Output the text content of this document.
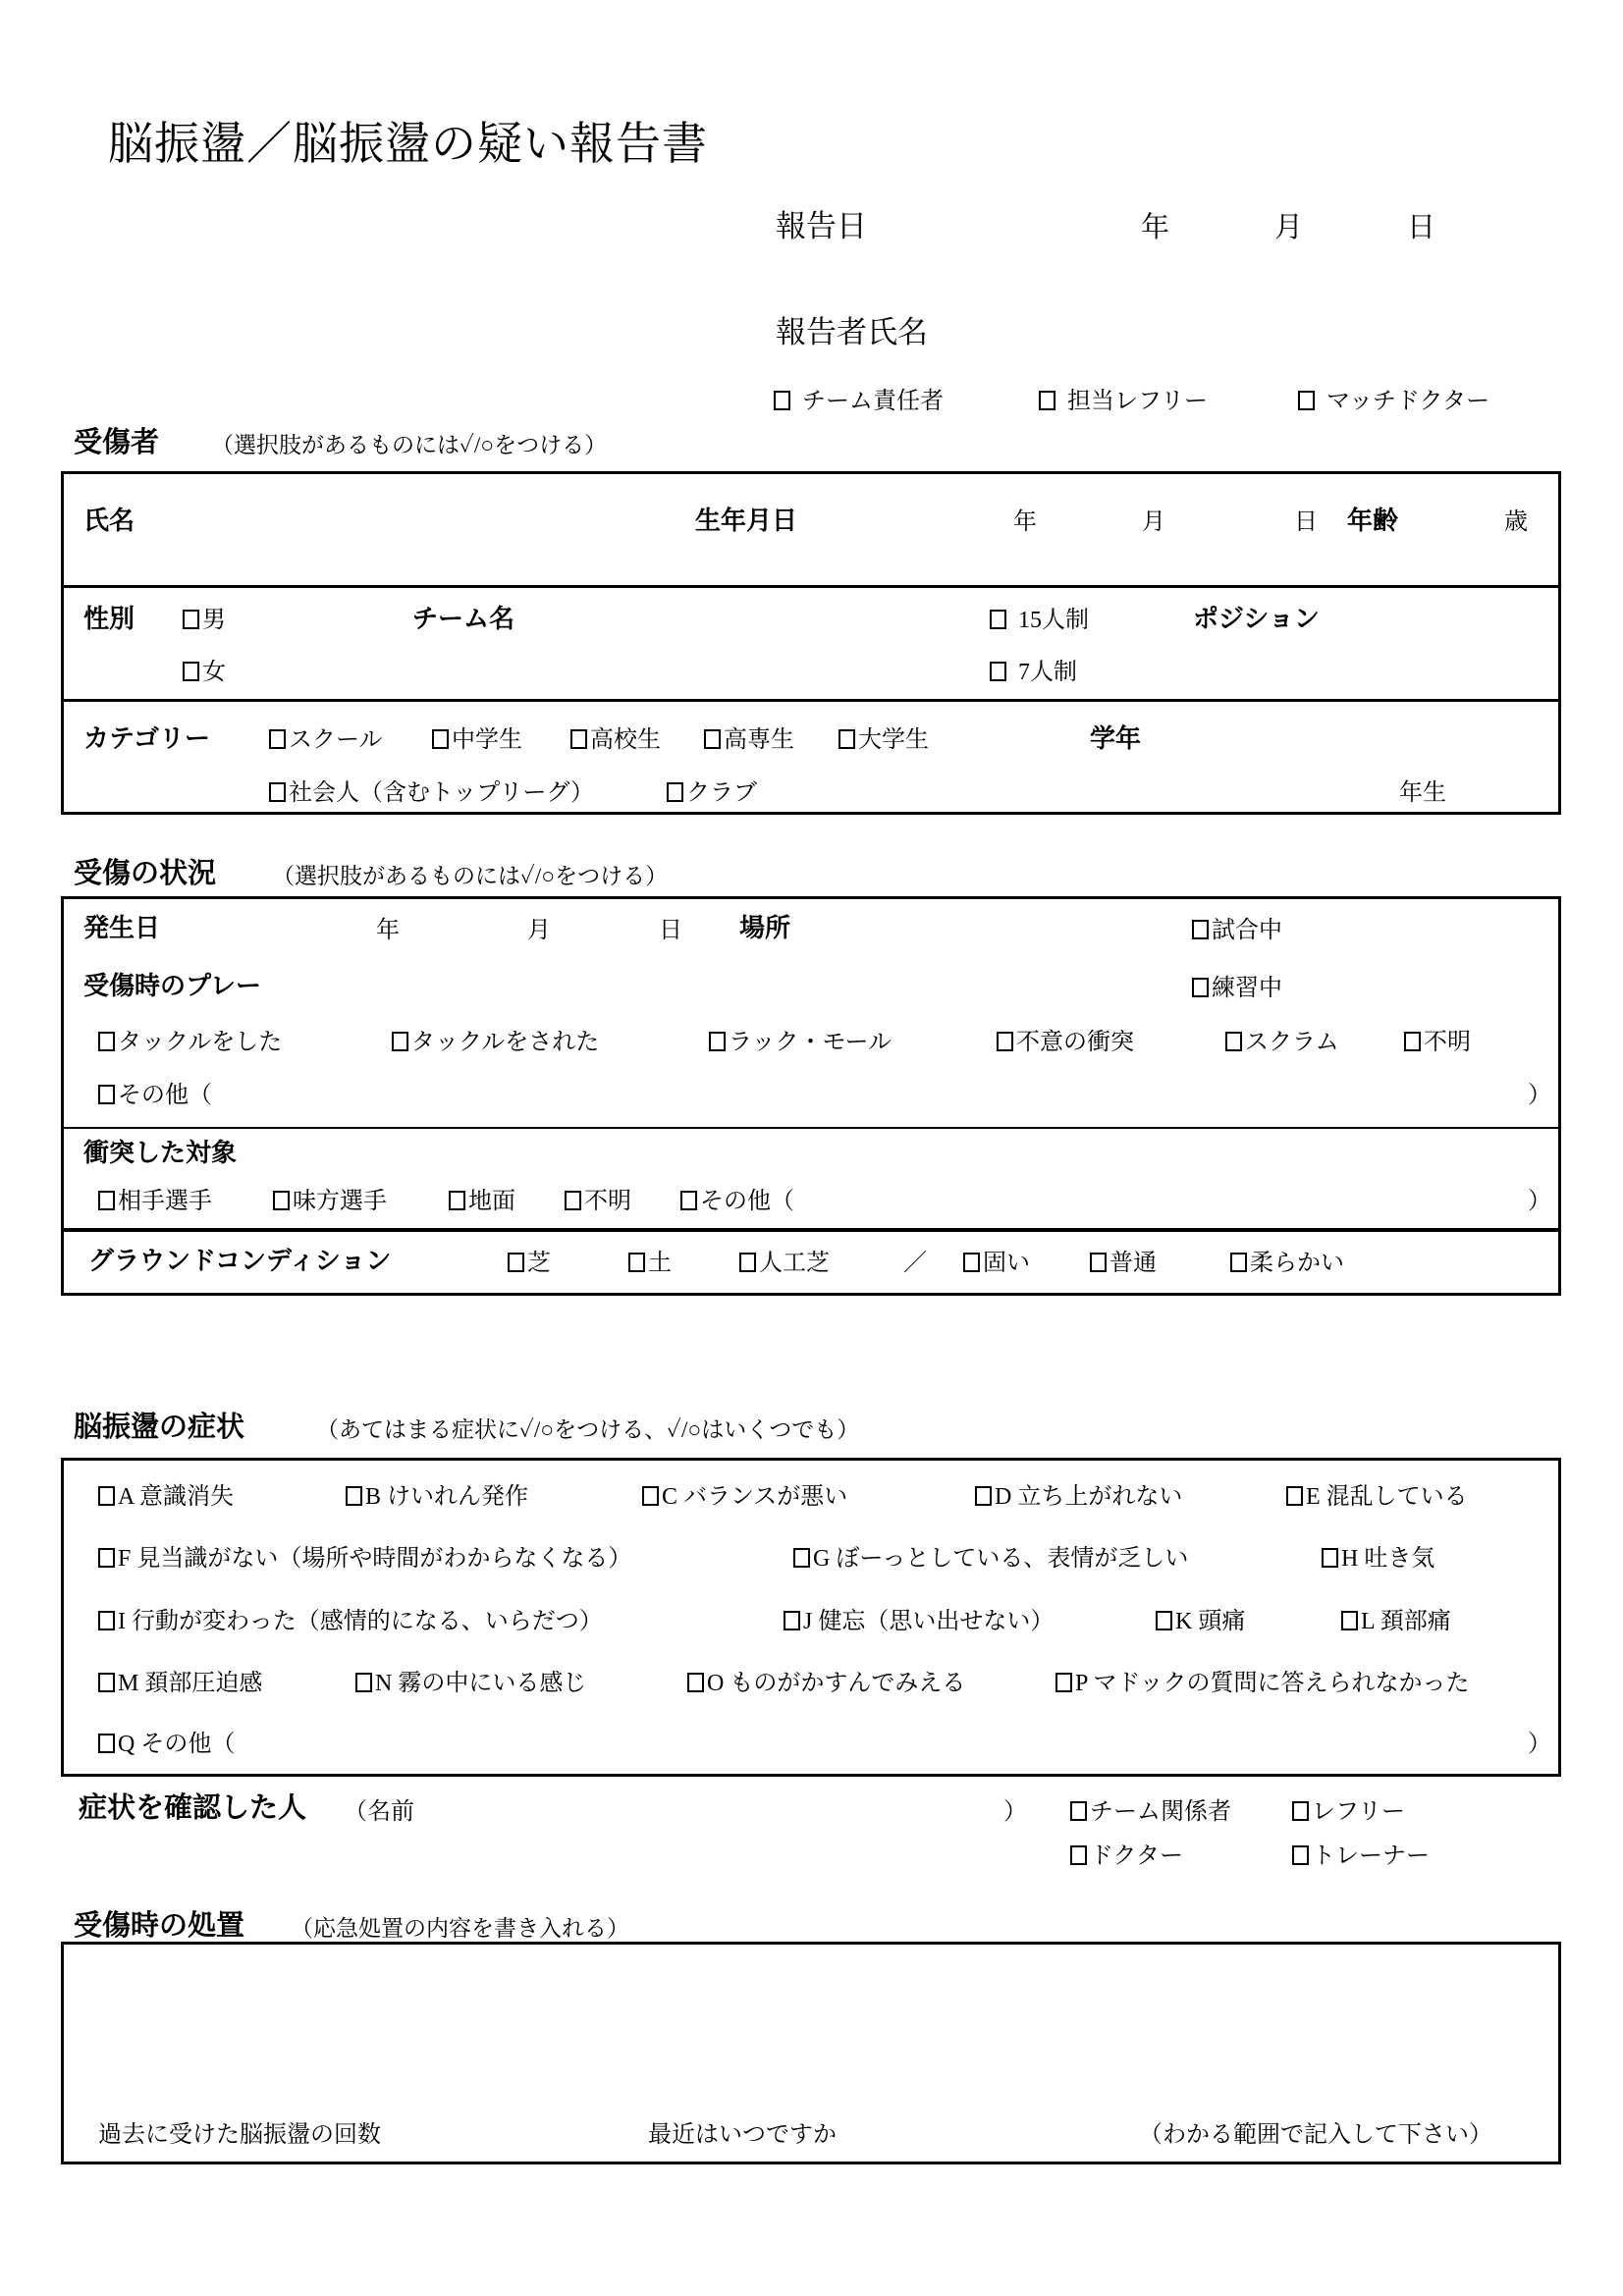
脳振盪／脳振盪の疑い報告書
報告日	年	月	日
報告者氏名
チーム責任者	担当レフリー	マッチドクター
受傷者 （選択肢があるものには✓/○をつける）
氏名	生年月日	年	月	日 年齢	歳
性別	男	チーム名	15人制	ポジション
女	7人制
カテゴリー	スクール	中学生	高校生	高専生	大学生	学年
社会人（含むトップリーグ）	クラブ	年生
受傷の状況 （選択肢があるものには✓/○をつける）
発生日	年	月	日 場所	試合中
受傷時のプレー	練習中
タックルをした	タックルをされた	ラック・モール	不意の衝突	スクラム	不明
その他（	）
衝突した対象
相手選手	味方選手	地面	不明	その他（	）
グラウンドコンディション	芝	土	人工芝	／	固い	普通	柔らかい
脳振盪の症状	（あてはまる症状に✓/○をつける、✓/○はいくつでも）
A 意識消失	B けいれん発作	C バランスが悪い	D 立ち上がれない	E 混乱している
F 見当識がない（場所や時間がわからなくなる）	G ぼーっとしている、表情が乏しい	H 吐き気
I 行動が変わった（感情的になる、いらだつ）	J 健忘（思い出せない）	K 頭痛	L 頚部痛
M 頚部圧迫感	N 霧の中にいる感じ	O ものがかすんでみえる	P マドックの質問に答えられなかった
Q その他（	）
症状を確認した人 （名前	）	チーム関係者	レフリー
ドクター	トレーナー
受傷時の処置 （応急処置の内容を書き入れる）
過去に受けた脳振盪の回数	最近はいつですか	（わかる範囲で記入して下さい）
